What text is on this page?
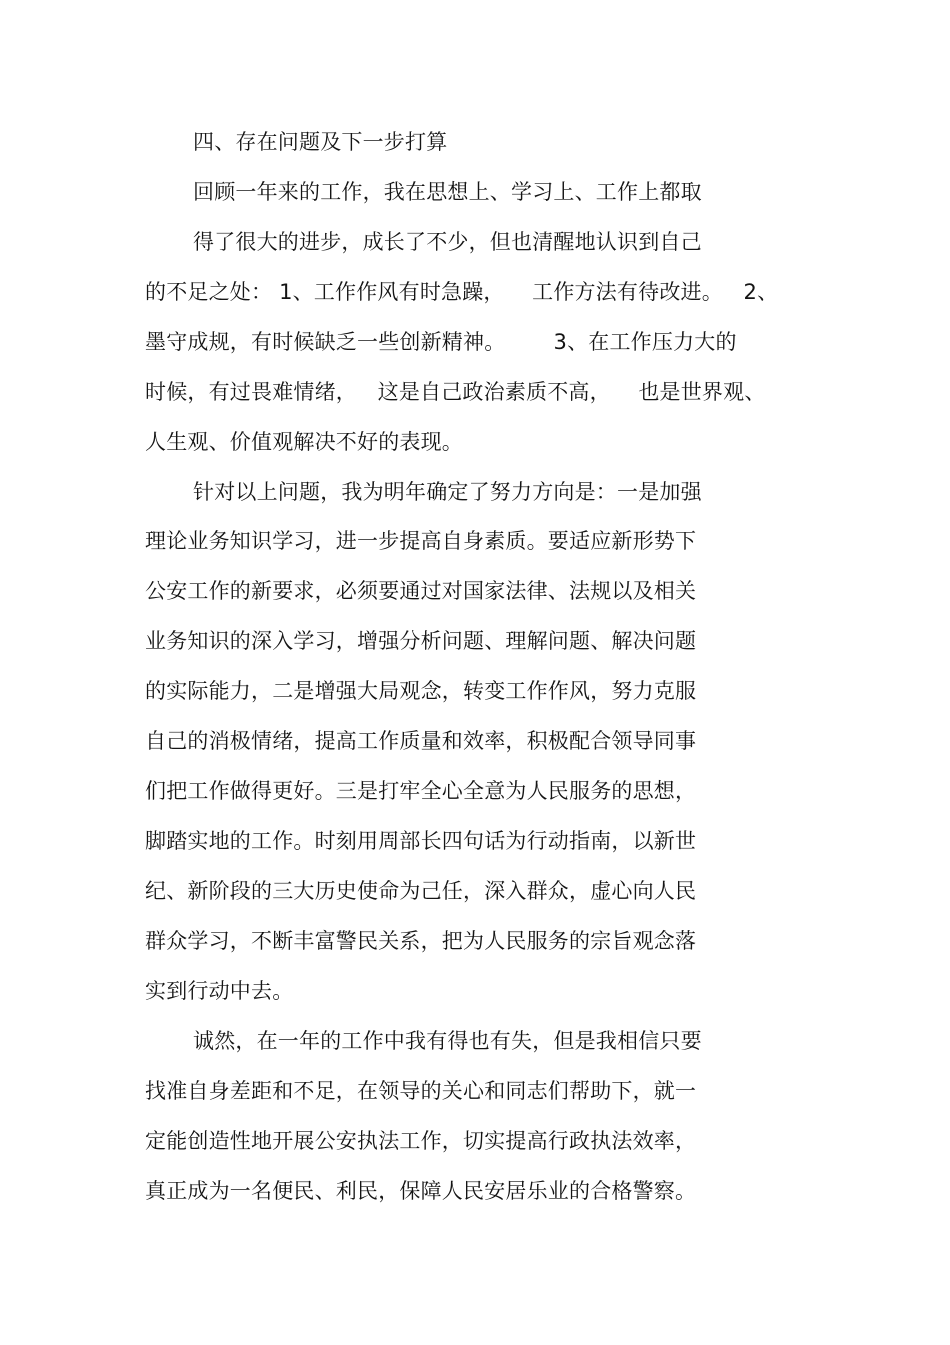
四、存在问题及下一步打算

回顾一年来的工作，我在思想上、学习上、工作上都取

得了很大的进步，成长了不少，但也清醒地认识到自己

的不足之处： 1、工作作风有时急躁，    工作方法有待改进。   2、

墨守成规，有时候缺乏一些创新精神。       3、在工作压力大的

时候，有过畏难情绪，   这是自己政治素质不高，    也是世界观、

人生观、价值观解决不好的表现。

针对以上问题，我为明年确定了努力方向是：一是加强

理论业务知识学习，进一步提高自身素质。要适应新形势下

公安工作的新要求，必须要通过对国家法律、法规以及相关

业务知识的深入学习，增强分析问题、理解问题、解决问题

的实际能力，二是增强大局观念，转变工作作风，努力克服

自己的消极情绪，提高工作质量和效率，积极配合领导同事

们把工作做得更好。三是打牢全心全意为人民服务的思想，

脚踏实地的工作。时刻用周部长四句话为行动指南，以新世

纪、新阶段的三大历史使命为己任，深入群众，虚心向人民

群众学习，不断丰富警民关系，把为人民服务的宗旨观念落

实到行动中去。

诚然，在一年的工作中我有得也有失，但是我相信只要

找准自身差距和不足，在领导的关心和同志们帮助下，就一

定能创造性地开展公安执法工作，切实提高行政执法效率，

真正成为一名便民、利民，保障人民安居乐业的合格警察。
